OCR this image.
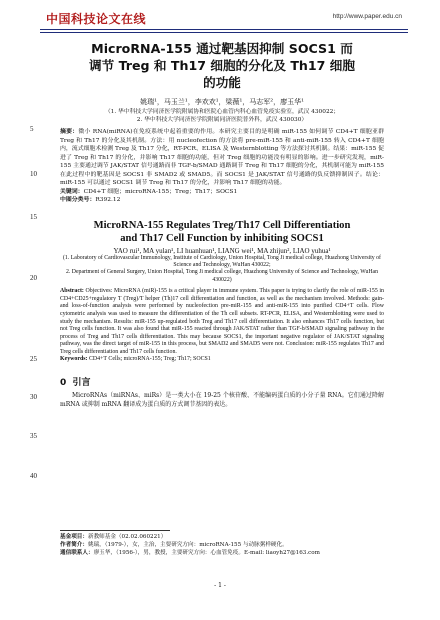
中国科技论文在线	http://www.paper.edu.cn
5
10
15
20
25
30
35
40
MicroRNA-155 通过靶基因抑制 SOCS1 而
调节 Treg 和 Th17 细胞的分化及 Th17 细胞
的功能
姚瑞¹，马玉兰¹，李欢欢¹，梁薇¹，马志军²，廖玉华¹
（1. 华中科技大学同济医学院附属协和医院心血管内科心血管免疫实验室，武汉 430022；
2. 华中科技大学同济医学院附属同济医院普外科，武汉 430030）
摘要：微小 RNA(miRNA)在免疫系统中起着重要的作用。本研究主要目的是明确 miR-155 如何调节 CD4+T 细胞亚群 Treg 和 Th17 的分化及其机制。方法：用 nucleofection 的方法将 pre-miR-155 和 anti-miR-155 转入 CD4+T 细胞内，流式细胞术检测 Treg 及 Th17 分化，RT-PCR、ELISA 及 Westernblotting 等方法探讨其机制。结果：miR-155 促进了 Treg 和 Th17 的分化，并影响 Th17 细胞的功能，但对 Treg 细胞的功能没有明显的影响。进一步研究发现，miR-155 主要通过调节 JAK/STAT 信号通路而非 TGF-b/SMAD 通路调节 Treg 和 Th17 细胞的分化，其机制可能为 miR-155 在此过程中的靶基因是 SOCS1 非 SMAD2 或 SMAD5。而 SOCS1 是 JAK/STAT 信号通路的负反馈抑制因子。结论：miR-155 可以通过 SOCS1 调节 Treg 和 Th17 的分化，并影响 Th17 细胞的功能。
关键词：CD4+T 细胞；microRNA-155；Treg；Th17；SOCS1
中图分类号：R392.12
MicroRNA-155 Regulates Treg/Th17 Cell Differentiation
and Th17 Cell Function by inhibiting SOCS1
YAO rui¹, MA yulan¹, LI huanhuan¹, LIANG wei¹, MA zhijun², LIAO yuhua¹
(1. Laboratory of Cardiovascular Immunology, Institute of Cardiology, Union Hospital, Tong Ji medical college, Huazhong University of Science and Technology, WuHan 430022;
2. Department of General Surgery, Union Hospital, Tong Ji medical college, Huazhong University of Science and Technology, WuHan 430022)
Abstract: Objectives: MicroRNA (miR)-155 is a critical player in immune system. This paper is trying to clarify the role of miR-155 in CD4+CD25+regulatory T (Treg)/T helper (Th)17 cell differentiation and function, as well as the mechanism involved. Methods: gain-and loss-of-function analysis were performed by nucleofection pre-miR-155 and anti-miR-155 into purified CD4+T cells. Flow cytometric analysis was used to measure the differentiation of the Th cell subsets. RT-PCR, ELISA, and Westernblotting were used to study the mechanism. Results: miR-155 up-regulated both Treg and Th17 cell differentiation. It also enhances Th17 cells function, but not Treg cells function. It was also found that miR-155 reacted through JAK/STAT rather than TGF-b/SMAD signaling pathway in the process of Treg and Th17 cells differentiation. This may because SOCS1, the important negative regulator of JAK/STAT signaling pathway, was the direct target of miR-155 in this process, but SMAD2 and SMAD5 were not. Conclusion: miR-155 regulates Th17 and Treg cells differentiation and Th17 cells function.
Keywords: CD4+T Cells; microRNA-155; Treg; Th17; SOCS1
0 引言
MicroRNAs（miRNAs、miRs）是一类大小在 19-25 个核苷酸、不能编码蛋白质的小分子量 RNA。它们通过降解 mRNA 或抑制 mRNA 翻译成为蛋白质的方式调节基因的表达。
基金项目：新教师基金（02.02.060221）
作者简介：姚瑞，（1979-），女，主治，主要研究方向：microRNA-155 与动脉粥样硬化。
通信联系人：廖玉华，（1956-），男，教授，主要研究方向：心血管免疫。E-mail: liaoyh27@163.com
- 1 -
